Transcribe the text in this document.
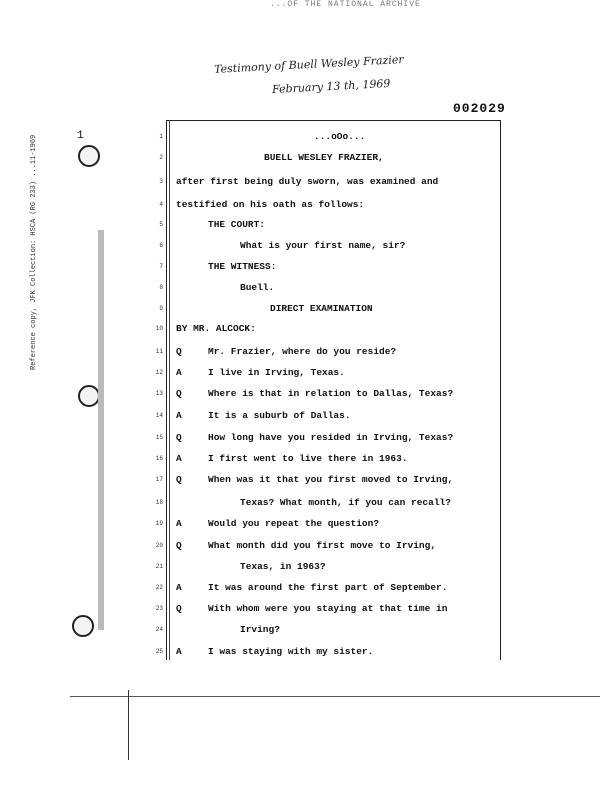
...OF THE NATIONAL ARCHIVE
Testimony of Buell Wesley Frazier
February 13 th, 1969
002029
1
Reference copy, JFK Collection: HSCA (RG 233) ...11-1969	1	...oOo...
2	BUELL WESLEY FRAZIER,
3 after first being duly sworn, was examined and
4 testified on his oath as follows:
5	THE COURT:
6	What is your first name, sir?
7	THE WITNESS:
8	Buell.
9	DIRECT EXAMINATION
10 BY MR. ALCOCK:
11 Q	Mr. Frazier, where do you reside?
12 A	I live in Irving, Texas.
13 Q	Where is that in relation to Dallas, Texas?
14 A	It is a suburb of Dallas.
15 Q	How long have you resided in Irving, Texas?
16 A	I first went to live there in 1963.
17 Q	When was it that you first moved to Irving,
18	Texas? What month, if you can recall?
19 A	Would you repeat the question?
20 Q	What month did you first move to Irving,
21	Texas, in 1963?
22 A	It was around the first part of September.
23 Q	With whom were you staying at that time in
24	Irving?
25 A	I was staying with my sister.
